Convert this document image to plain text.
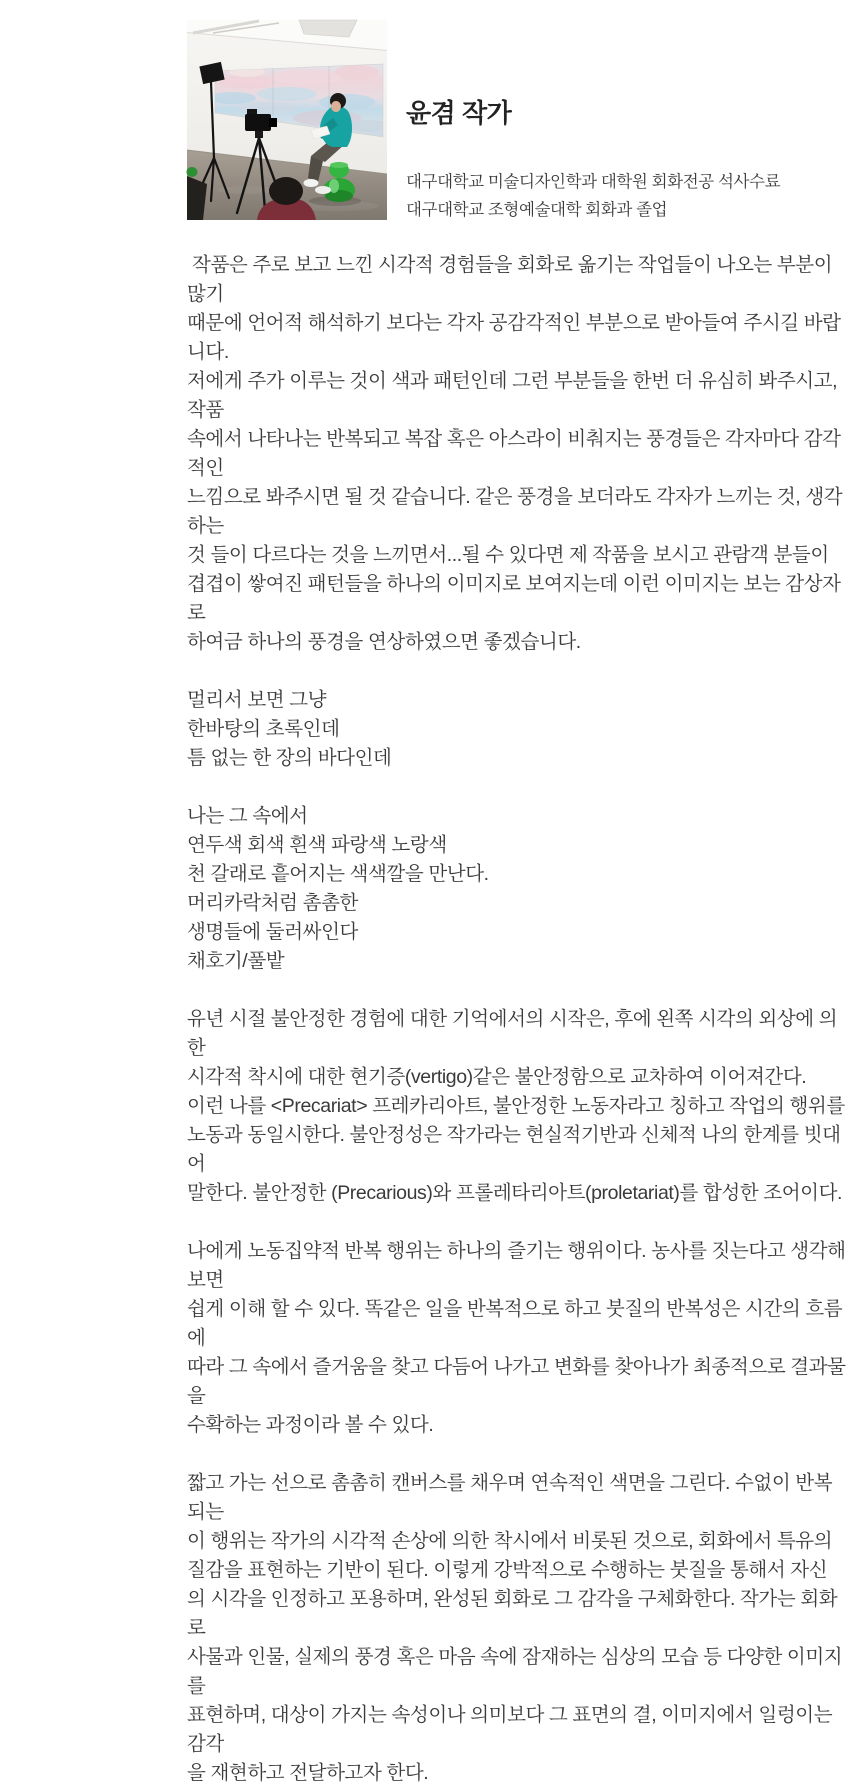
윤겸 작가

대구대학교 미술디자인학과 대학원 회화전공 석사수료
대구대학교 조형예술대학 회화과 졸업

작품은 주로 보고 느낀 시각적 경험들을 회화로 옮기는 작업들이 나오는 부분이 많기
때문에 언어적 해석하기 보다는 각자 공감각적인 부분으로 받아들여 주시길 바랍니다.
저에게 주가 이루는 것이 색과 패턴인데 그런 부분들을 한번 더 유심히 봐주시고, 작품
속에서 나타나는 반복되고 복잡 혹은 아스라이 비춰지는 풍경들은 각자마다 감각적인
느낌으로 봐주시면 될 것 같습니다. 같은 풍경을 보더라도 각자가 느끼는 것, 생각하는
것 들이 다르다는 것을 느끼면서...될 수 있다면 제 작품을 보시고 관람객 분들이
겹겹이 쌓여진 패턴들을 하나의 이미지로 보여지는데 이런 이미지는 보는 감상자로
하여금 하나의 풍경을 연상하였으면 좋겠습니다.

멀리서 보면 그냥
한바탕의 초록인데
틈 없는 한 장의 바다인데

나는 그 속에서
연두색 회색 흰색 파랑색 노랑색
천 갈래로 흩어지는 색색깔을 만난다.
머리카락처럼 촘촘한
생명들에 둘러싸인다
채호기/풀밭

유년 시절 불안정한 경험에 대한 기억에서의 시작은, 후에 왼쪽 시각의 외상에 의한
시각적 착시에 대한 현기증(vertigo)같은 불안정함으로 교차하여 이어져간다.
이런 나를 <Precariat> 프레카리아트, 불안정한 노동자라고 칭하고 작업의 행위를
노동과 동일시한다. 불안정성은 작가라는 현실적기반과 신체적 나의 한계를 빗대어
말한다. 불안정한 (Precarious)와 프롤레타리아트(proletariat)를 합성한 조어이다.

나에게 노동집약적 반복 행위는 하나의 즐기는 행위이다. 농사를 짓는다고 생각해보면
쉽게 이해 할 수 있다. 똑같은 일을 반복적으로 하고 붓질의 반복성은 시간의 흐름에
따라 그 속에서 즐거움을 찾고 다듬어 나가고 변화를 찾아나가 최종적으로 결과물을
수확하는 과정이라 볼 수 있다.

짧고 가는 선으로 촘촘히 캔버스를 채우며 연속적인 색면을 그린다. 수없이 반복되는
이 행위는 작가의 시각적 손상에 의한 착시에서 비롯된 것으로, 회화에서 특유의
질감을 표현하는 기반이 된다. 이렇게 강박적으로 수행하는 붓질을 통해서 자신
의 시각을 인정하고 포용하며, 완성된 회화로 그 감각을 구체화한다. 작가는 회화로
사물과 인물, 실제의 풍경 혹은 마음 속에 잠재하는 심상의 모습 등 다양한 이미지를
표현하며, 대상이 가지는 속성이나 의미보다 그 표면의 결, 이미지에서 일렁이는 감각
을 재현하고 전달하고자 한다.
